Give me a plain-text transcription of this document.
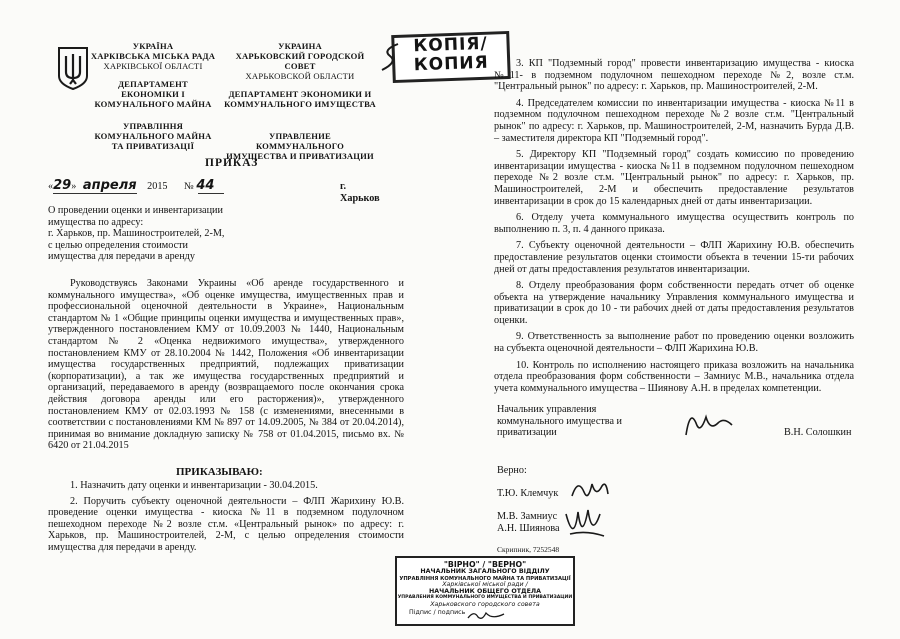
УКРАЇНА
ХАРКІВСЬКА МІСЬКА РАДА
ХАРКІВСЬКОЇ ОБЛАСТІ
ДЕПАРТАМЕНТ
ЕКОНОМІКИ І
КОМУНАЛЬНОГО МАЙНА
УПРАВЛІННЯ
КОМУНАЛЬНОГО МАЙНА
ТА ПРИВАТИЗАЦІЇ
УКРАИНА
ХАРЬКОВСКИЙ ГОРОДСКОЙ СОВЕТ
ХАРЬКОВСКОЙ ОБЛАСТИ
ДЕПАРТАМЕНТ ЭКОНОМИКИ И
КОММУНАЛЬНОГО ИМУЩЕСТВА
УПРАВЛЕНИЕ КОММУНАЛЬНОГО
ИМУЩЕСТВА И ПРИВАТИЗАЦИИ
КОПІЯ/
КОПИЯ
ПРИКАЗ
«29» апреля 2015 № 44	г. Харьков
О проведении оценки и инвентаризации
имущества по адресу:
г. Харьков, пр. Машиностроителей, 2-М,
с целью определения стоимости
имущества для передачи в аренду

Руководствуясь Законами Украины «Об аренде государственного и коммунального имущества», «Об оценке имущества, имущественных прав и профессиональной оценочной деятельности в Украине», Национальным стандартом № 1 «Общие принципы оценки имущества и имущественных прав», утвержденного постановлением КМУ от 10.09.2003 № 1440, Национальным стандартом № 2 «Оценка недвижимого имущества», утвержденного постановлением КМУ от 28.10.2004 № 1442, Положения «Об инвентаризации имущества государственных предприятий, подлежащих приватизации (корпоратизации), а так же имущества государственных предприятий и организаций, передаваемого в аренду (возвращаемого после окончания срока действия договора аренды или его расторжения)», утвержденного постановлением КМУ от 02.03.1993 № 158 (с изменениями, внесенными в соответствии с постановлениями КМ № 897 от 14.09.2005, № 384 от 20.04.2014), принимая во внимание докладную записку № 758 от 01.04.2015, письмо вх. № 6420 от 21.04.2015

ПРИКАЗЫВАЮ:

1. Назначить дату оценки и инвентаризации - 30.04.2015.

2. Поручить субъекту оценочной деятельности – ФЛП Жарихину Ю.В. проведение оценки имущества - киоска №11 в подземном подулочном пешеходном переходе №2 возле ст.м. «Центральный рынок» по адресу: г. Харьков, пр. Машиностроителей, 2-М, с целью определения стоимости имущества для передачи в аренду.

3. КП "Подземный город" провести инвентаризацию имущества - киоска №11- в подземном подулочном пешеходном переходе №2, возле ст.м. "Центральный рынок" по адресу: г. Харьков, пр. Машиностроителей, 2-М.

4. Председателем комиссии по инвентаризации имущества - киоска №11 в подземном подулочном пешеходном переходе №2 возле ст.м. "Центральный рынок" по адресу: г. Харьков, пр. Машиностроителей, 2-М, назначить Бурда Д.В. – заместителя директора КП "Подземный город".

5. Директору КП "Подземный город" создать комиссию по проведению инвентаризации имущества - киоска №11 в подземном подулочном пешеходном переходе №2 возле ст.м. "Центральный рынок" по адресу: г. Харьков, пр. Машиностроителей, 2-М и обеспечить предоставление результатов инвентаризации в срок до 15 календарных дней от даты инвентаризации.

6. Отделу учета коммунального имущества осуществить контроль по выполнению п. 3, п. 4 данного приказа.

7. Субъекту оценочной деятельности – ФЛП Жарихину Ю.В. обеспечить предоставление результатов оценки стоимости объекта в течении 15-ти рабочих дней от даты предоставления результатов инвентаризации.

8. Отделу преобразования форм собственности передать отчет об оценке объекта на утверждение начальнику Управления коммунального имущества и приватизации в срок до 10 - ти рабочих дней от даты предоставления результатов оценки.

9. Ответственность за выполнение работ по проведению оценки возложить на субъекта оценочной деятельности – ФЛП Жарихина Ю.В.

10. Контроль по исполнению настоящего приказа возложить на начальника отдела преобразования форм собственности – Замниус М.В., начальника отдела учета коммунального имущества – Шиянову А.Н. в пределах компетенции.

Начальник управления
коммунального имущества и
приватизации	В.Н. Солошкин
Верно:
Т.Ю. Клемчук
М.В. Замниус
А.Н. Шиянова
Скрипник, 7252548
"ВІРНО" / "ВЕРНО"
НАЧАЛЬНИК ЗАГАЛЬНОГО ВІДДІЛУ
УПРАВЛІННЯ КОМУНАЛЬНОГО МАЙНА ТА ПРИВАТИЗАЦІЇ
Харківської міської ради /
НАЧАЛЬНИК ОБЩЕГО ОТДЕЛА
УПРАВЛЕНИЯ КОММУНАЛЬНОГО ИМУЩЕСТВА И ПРИВАТИЗАЦИИ
Харьковского городского совета
Підпис / подпись
